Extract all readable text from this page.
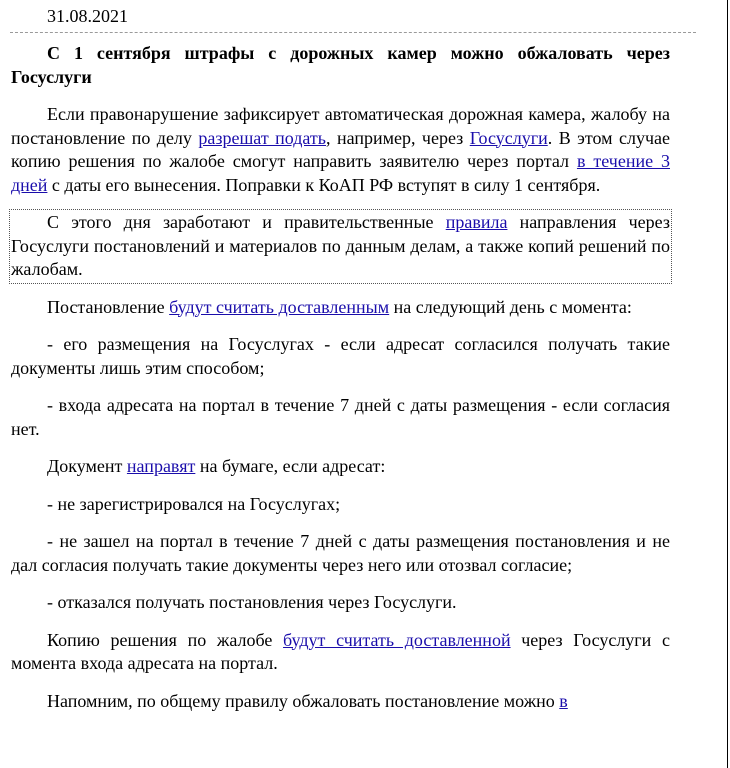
31.08.2021

С 1 сентября штрафы с дорожных камер можно обжаловать через Госуслуги

Если правонарушение зафиксирует автоматическая дорожная камера, жалобу на постановление по делу разрешат подать, например, через Госуслуги. В этом случае копию решения по жалобе смогут направить заявителю через портал в течение 3 дней с даты его вынесения. Поправки к КоАП РФ вступят в силу 1 сентября.

С этого дня заработают и правительственные правила направления через Госуслуги постановлений и материалов по данным делам, а также копий решений по жалобам.

Постановление будут считать доставленным на следующий день с момента:

- его размещения на Госуслугах - если адресат согласился получать такие документы лишь этим способом;

- входа адресата на портал в течение 7 дней с даты размещения - если согласия нет.

Документ направят на бумаге, если адресат:

- не зарегистрировался на Госуслугах;

- не зашел на портал в течение 7 дней с даты размещения постановления и не дал согласия получать такие документы через него или отозвал согласие;

- отказался получать постановления через Госуслуги.

Копию решения по жалобе будут считать доставленной через Госуслуги с момента входа адресата на портал.

Напомним, по общему правилу обжаловать постановление можно в
